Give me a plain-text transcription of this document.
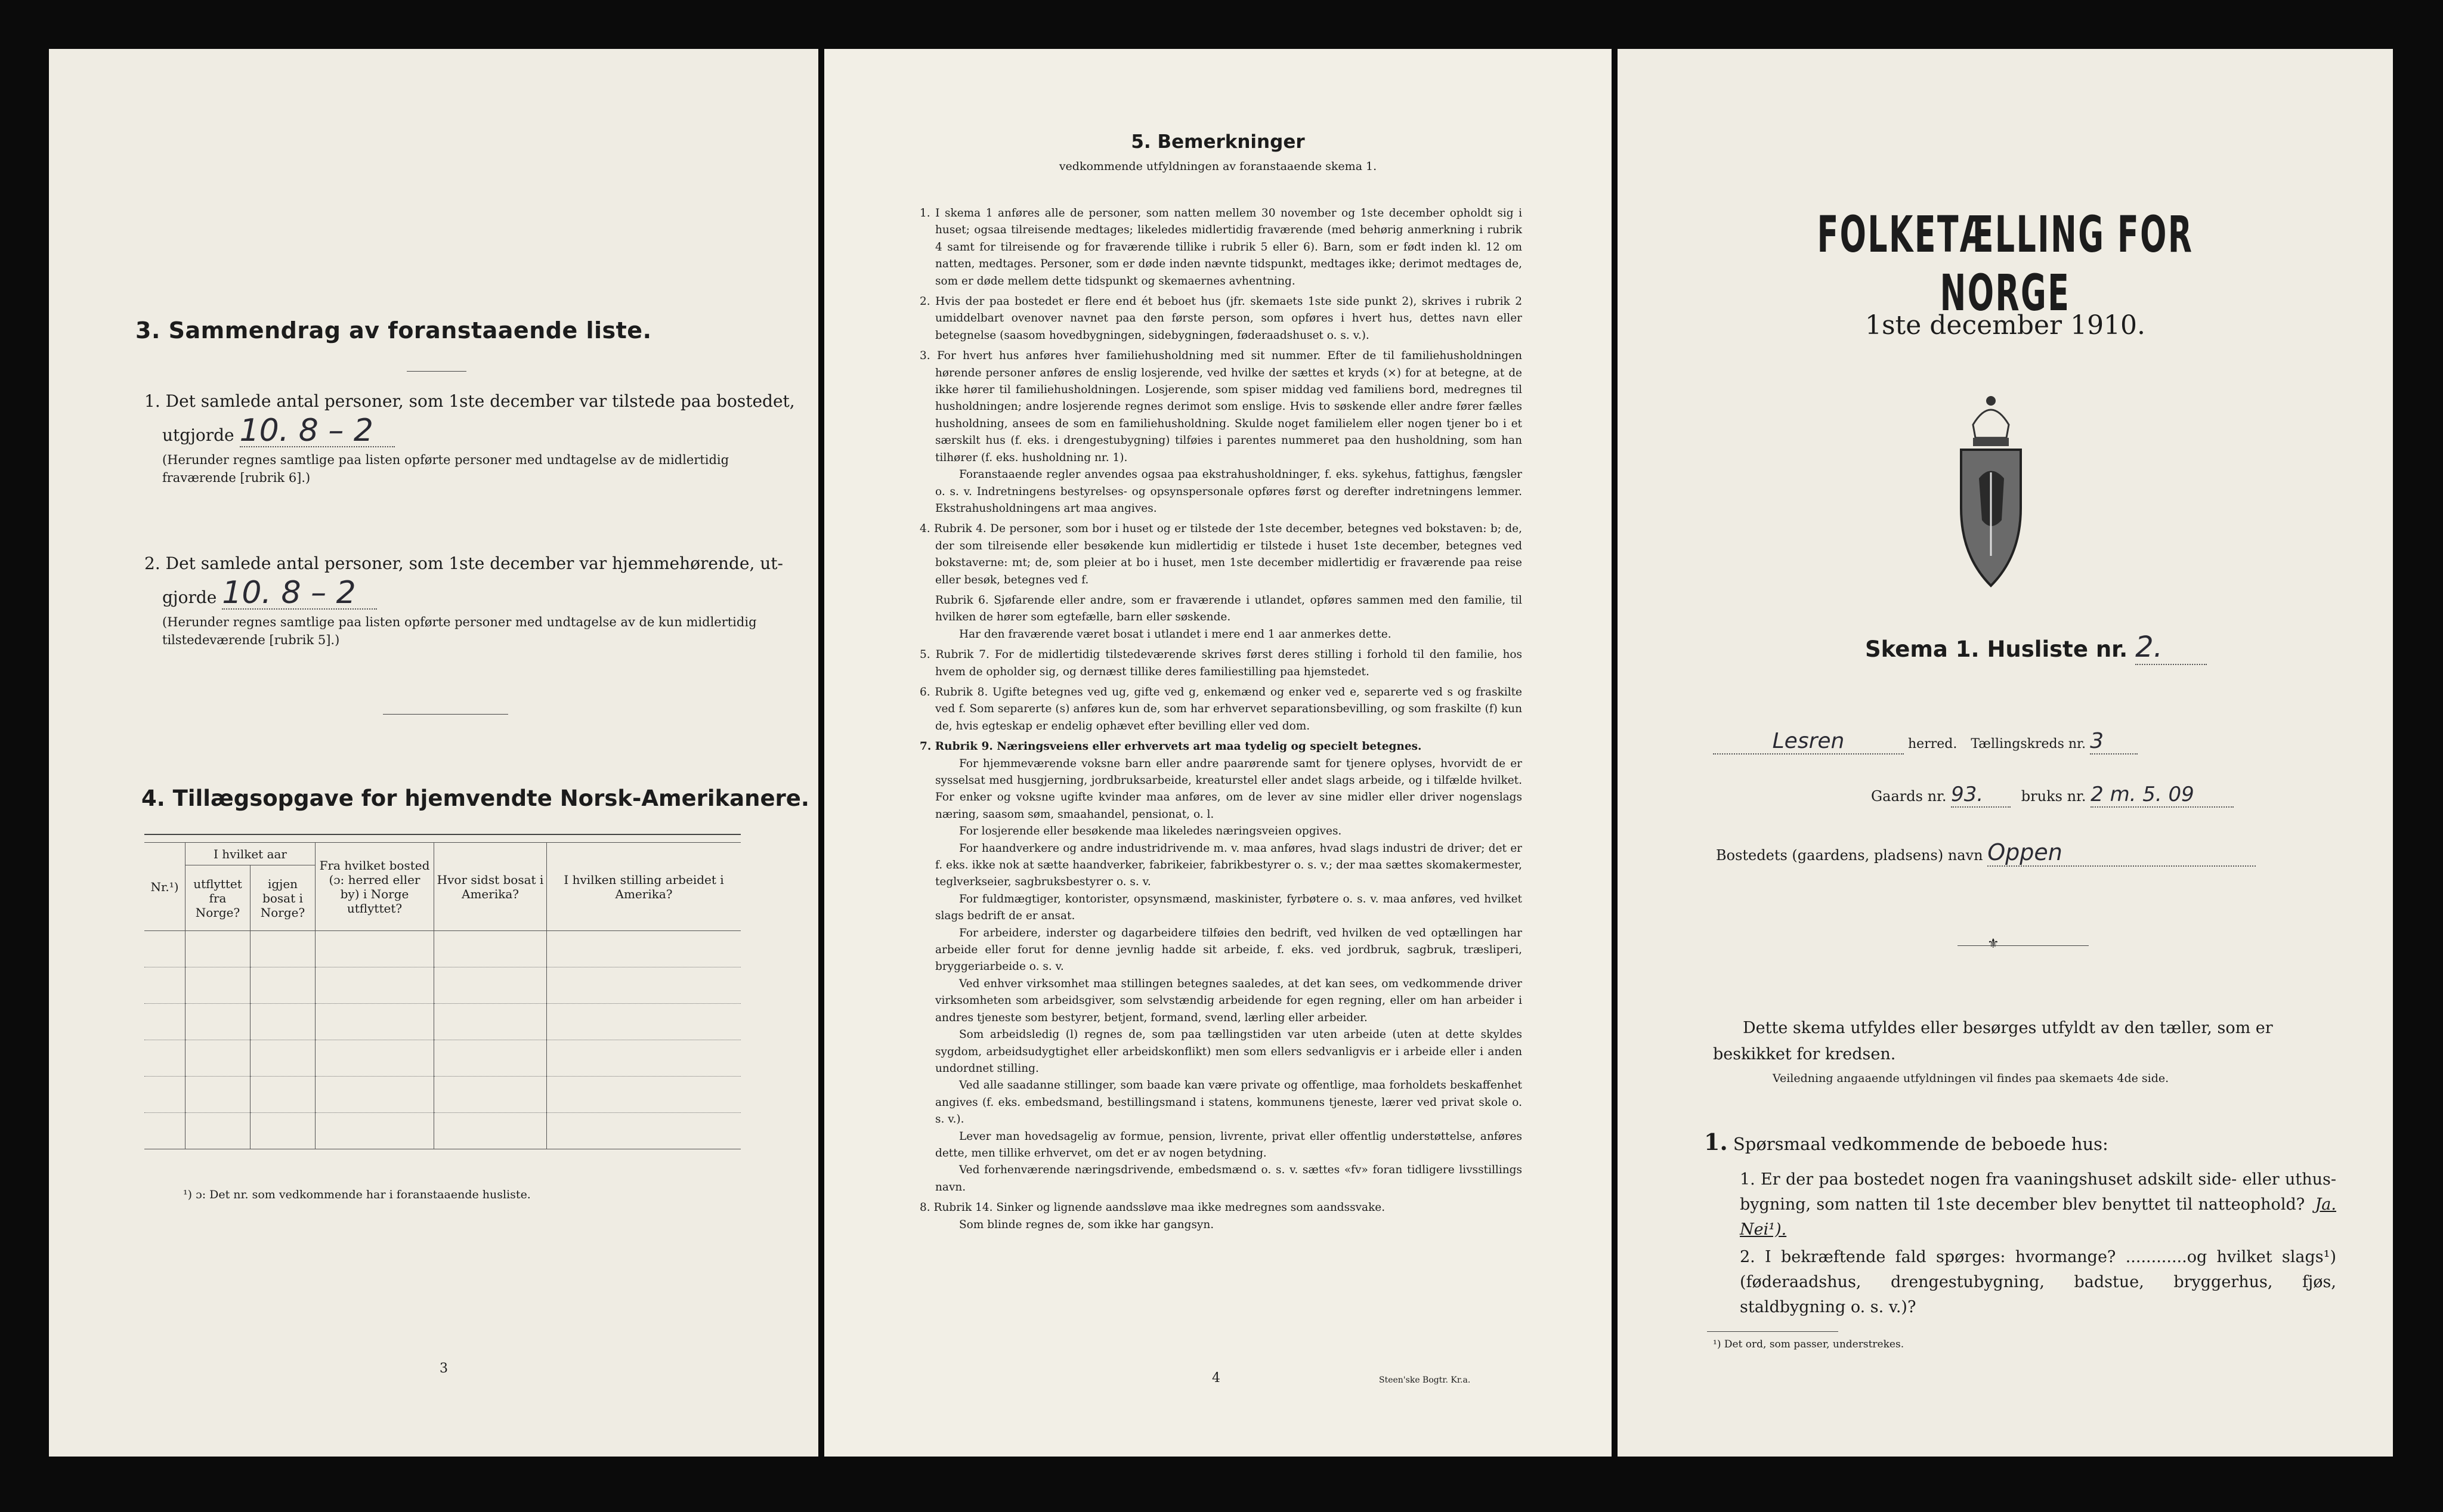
3. Sammendrag av foranstaaende liste.
1. Det samlede antal personer, som 1ste december var tilstede paa bostedet,
utgjorde 10. 8 – 2
(Herunder regnes samtlige paa listen opførte personer med undtagelse av de midlertidig fraværende [rubrik 6].)
2. Det samlede antal personer, som 1ste december var hjemmehørende, ut-
gjorde 10. 8 – 2
(Herunder regnes samtlige paa listen opførte personer med undtagelse av de kun midlertidig tilstedeværende [rubrik 5].)
4. Tillægsopgave for hjemvendte Norsk-Amerikanere.
Nr.¹)	I hvilket aar		Fra hvilket bosted (ɔ: herred eller by) i Norge utflyttet?	Hvor sidst bosat i Amerika?	I hvilken stilling arbeidet i Amerika?
	utflyttet fra Norge?	igjen bosat i Norge?			

¹) ɔ: Det nr. som vedkommende har i foranstaaende husliste.
3
5. Bemerkninger
vedkommende utfyldningen av foranstaaende skema 1.

1. I skema 1 anføres alle de personer, som natten mellem 30 november og 1ste december opholdt sig i huset; ogsaa tilreisende medtages; likeledes midlertidig fraværende (med behørig anmerkning i rubrik 4 samt for tilreisende og for fraværende tillike i rubrik 5 eller 6). Barn, som er født inden kl. 12 om natten, medtages. Personer, som er døde inden nævnte tidspunkt, medtages ikke; derimot medtages de, som er døde mellem dette tidspunkt og skemaernes avhentning.

2. Hvis der paa bostedet er flere end ét beboet hus (jfr. skemaets 1ste side punkt 2), skrives i rubrik 2 umiddelbart ovenover navnet paa den første person, som opføres i hvert hus, dettes navn eller betegnelse (saasom hovedbygningen, sidebygningen, føderaadshuset o. s. v.).

3. For hvert hus anføres hver familiehusholdning med sit nummer. Efter de til familiehusholdningen hørende personer anføres de enslig losjerende, ved hvilke der sættes et kryds (×) for at betegne, at de ikke hører til familiehusholdningen. Losjerende, som spiser middag ved familiens bord, medregnes til husholdningen; andre losjerende regnes derimot som enslige. Hvis to søskende eller andre fører fælles husholdning, ansees de som en familiehusholdning. Skulde noget familielem eller nogen tjener bo i et særskilt hus (f. eks. i drengestubygning) tilføies i parentes nummeret paa den husholdning, som han tilhører (f. eks. husholdning nr. 1).

Foranstaaende regler anvendes ogsaa paa ekstrahusholdninger, f. eks. sykehus, fattighus, fængsler o. s. v. Indretningens bestyrelses- og opsynspersonale opføres først og derefter indretningens lemmer. Ekstrahusholdningens art maa angives.

4. Rubrik 4. De personer, som bor i huset og er tilstede der 1ste december, betegnes ved bokstaven: b; de, der som tilreisende eller besøkende kun midlertidig er tilstede i huset 1ste december, betegnes ved bokstaverne: mt; de, som pleier at bo i huset, men 1ste december midlertidig er fraværende paa reise eller besøk, betegnes ved f.

Rubrik 6. Sjøfarende eller andre, som er fraværende i utlandet, opføres sammen med den familie, til hvilken de hører som egtefælle, barn eller søskende.

Har den fraværende været bosat i utlandet i mere end 1 aar anmerkes dette.

5. Rubrik 7. For de midlertidig tilstedeværende skrives først deres stilling i forhold til den familie, hos hvem de opholder sig, og dernæst tillike deres familiestilling paa hjemstedet.

6. Rubrik 8. Ugifte betegnes ved ug, gifte ved g, enkemænd og enker ved e, separerte ved s og fraskilte ved f. Som separerte (s) anføres kun de, som har erhvervet separationsbevilling, og som fraskilte (f) kun de, hvis egteskap er endelig ophævet efter bevilling eller ved dom.

7. Rubrik 9. Næringsveiens eller erhvervets art maa tydelig og specielt betegnes.

For hjemmeværende voksne barn eller andre paarørende samt for tjenere oplyses, hvorvidt de er sysselsat med husgjerning, jordbruksarbeide, kreaturstel eller andet slags arbeide, og i tilfælde hvilket. For enker og voksne ugifte kvinder maa anføres, om de lever av sine midler eller driver nogenslags næring, saasom søm, smaahandel, pensionat, o. l.

For losjerende eller besøkende maa likeledes næringsveien opgives.

For haandverkere og andre industridrivende m. v. maa anføres, hvad slags industri de driver; det er f. eks. ikke nok at sætte haandverker, fabrikeier, fabrikbestyrer o. s. v.; der maa sættes skomakermester, teglverkseier, sagbruksbestyrer o. s. v.

For fuldmægtiger, kontorister, opsynsmænd, maskinister, fyrbøtere o. s. v. maa anføres, ved hvilket slags bedrift de er ansat.

For arbeidere, inderster og dagarbeidere tilføies den bedrift, ved hvilken de ved optællingen har arbeide eller forut for denne jevnlig hadde sit arbeide, f. eks. ved jordbruk, sagbruk, træsliperi, bryggeriarbeide o. s. v.

Ved enhver virksomhet maa stillingen betegnes saaledes, at det kan sees, om vedkommende driver virksomheten som arbeidsgiver, som selvstændig arbeidende for egen regning, eller om han arbeider i andres tjeneste som bestyrer, betjent, formand, svend, lærling eller arbeider.

Som arbeidsledig (l) regnes de, som paa tællingstiden var uten arbeide (uten at dette skyldes sygdom, arbeidsudygtighet eller arbeidskonflikt) men som ellers sedvanligvis er i arbeide eller i anden undordnet stilling.

Ved alle saadanne stillinger, som baade kan være private og offentlige, maa forholdets beskaffenhet angives (f. eks. embedsmand, bestillingsmand i statens, kommunens tjeneste, lærer ved privat skole o. s. v.).

Lever man hovedsagelig av formue, pension, livrente, privat eller offentlig understøttelse, anføres dette, men tillike erhvervet, om det er av nogen betydning.

Ved forhenværende næringsdrivende, embedsmænd o. s. v. sættes «fv» foran tidligere livsstillings navn.

8. Rubrik 14. Sinker og lignende aandssløve maa ikke medregnes som aandssvake.

Som blinde regnes de, som ikke har gangsyn.

4	Steen'ske Bogtr. Kr.a.
FOLKETÆLLING FOR NORGE
1ste december 1910.
Skema 1. Husliste nr. 2.
Lesren	herred. Tællingskreds nr. 3
Gaards nr. 93.	bruks nr. 2 m. 5. 09
Bostedets (gaardens, pladsens) navn Oppen
⚜
Dette skema utfyldes eller besørges utfyldt av den tæller, som er
beskikket for kredsen.
Veiledning angaaende utfyldningen vil findes paa skemaets 4de side.
1. Spørsmaal vedkommende de beboede hus:
1. Er der paa bostedet nogen fra vaaningshuset adskilt side- eller uthus-bygning, som natten til 1ste december blev benyttet til natteophold? Ja. Nei¹).
2. I bekræftende fald spørges: hvormange? ............og hvilket slags¹) (føderaadshus, drengestubygning, badstue, bryggerhus, fjøs, staldbygning o. s. v.)?
¹) Det ord, som passer, understrekes.
